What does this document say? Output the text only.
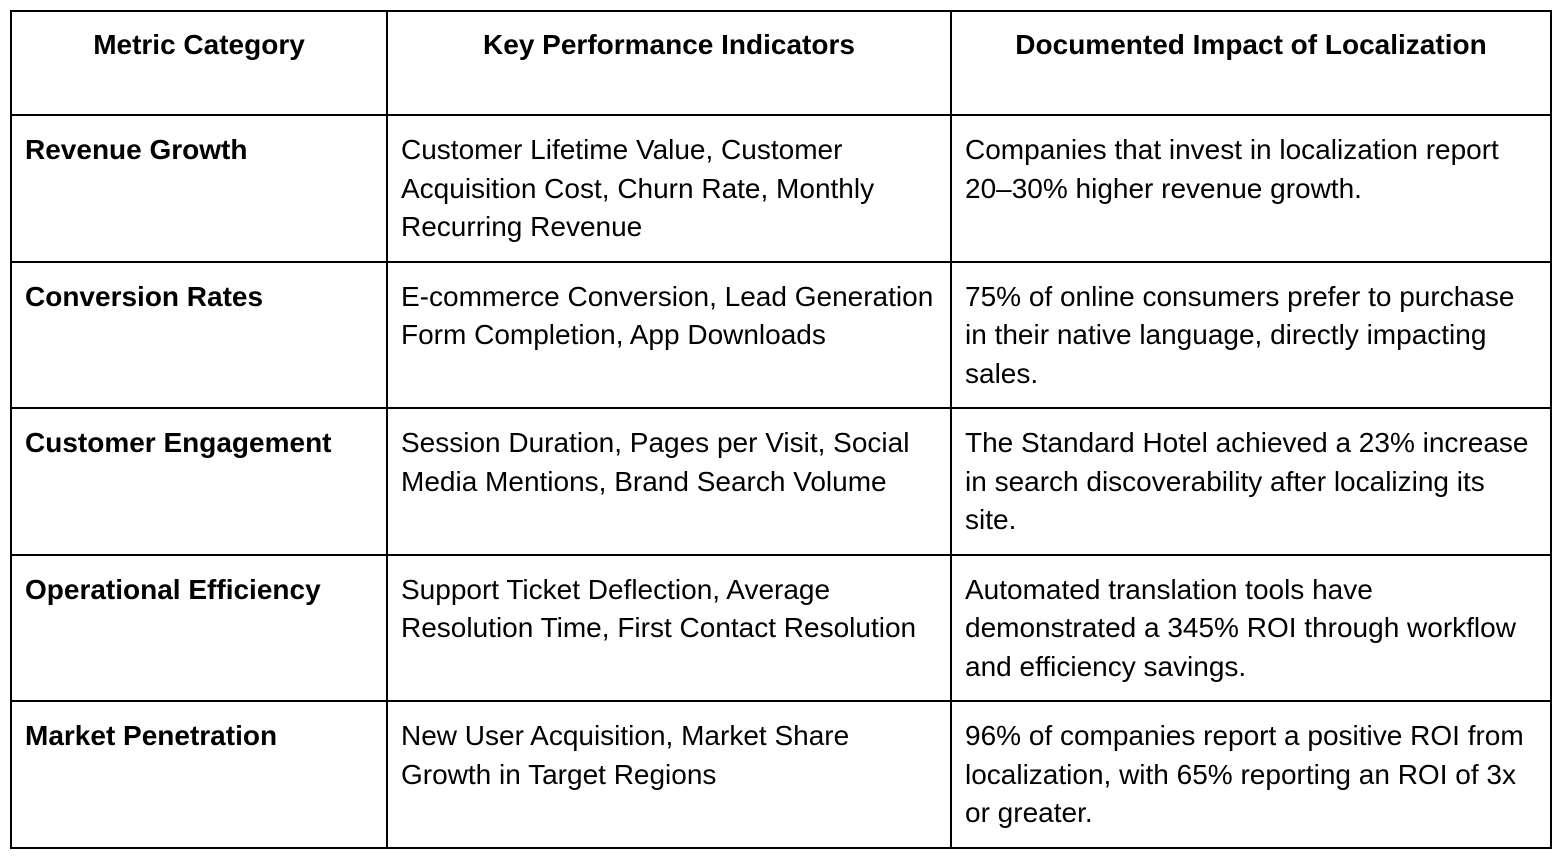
Metric Category	Key Performance Indicators	Documented Impact of Localization
Revenue Growth	Customer Lifetime Value, Customer Acquisition Cost, Churn Rate, Monthly Recurring Revenue	Companies that invest in localization report 20–30% higher revenue growth.
Conversion Rates	E-commerce Conversion, Lead Generation Form Completion, App Downloads	75% of online consumers prefer to purchase in their native language, directly impacting sales.
Customer Engagement	Session Duration, Pages per Visit, Social Media Mentions, Brand Search Volume	The Standard Hotel achieved a 23% increase in search discoverability after localizing its site.
Operational Efficiency	Support Ticket Deflection, Average Resolution Time, First Contact Resolution	Automated translation tools have demonstrated a 345% ROI through workflow and efficiency savings.
Market Penetration	New User Acquisition, Market Share Growth in Target Regions	96% of companies report a positive ROI from localization, with 65% reporting an ROI of 3x or greater.
